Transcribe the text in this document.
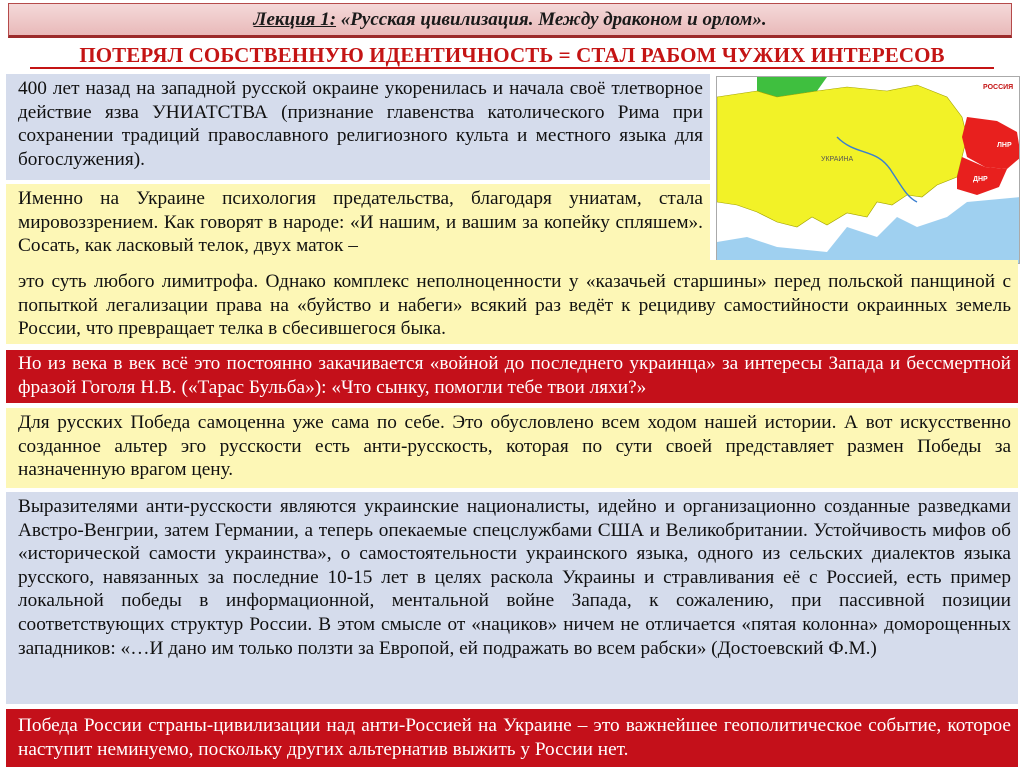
Лекция 1: «Русская цивилизация. Между драконом и орлом».
ПОТЕРЯЛ СОБСТВЕННУЮ ИДЕНТИЧНОСТЬ = СТАЛ РАБОМ ЧУЖИХ ИНТЕРЕСОВ
400 лет назад на западной русской окраине укоренилась и начала своё тлетворное действие язва УНИАТСТВА (признание главенства католического Рима при сохранении традиций православного религиозного культа и местного языка для богослужения).
РОССИЯ
УКРАИНА
ЛНР
ДНР
Именно на Украине психология предательства, благодаря униатам, стала мировоззрением. Как говорят в народе: «И нашим, и вашим за копейку спляшем». Сосать, как ласковый телок, двух маток –
это суть любого лимитрофа. Однако комплекс неполноценности у «казачьей старшины» перед польской панщиной с попыткой легализации права на «буйство и набеги» всякий раз ведёт к рецидиву самостийности окраинных земель России, что превращает телка в сбесившегося быка.
Но из века в век всё это постоянно закачивается «войной до последнего украинца» за интересы Запада и бессмертной фразой Гоголя Н.В. («Тарас Бульба»): «Что сынку, помогли тебе твои ляхи?»
Для русских Победа самоценна уже сама по себе. Это обусловлено всем ходом нашей истории. А вот искусственно созданное альтер эго русскости есть анти-русскость, которая по сути своей представляет размен Победы за назначенную врагом цену.
Выразителями анти-русскости являются украинские националисты, идейно и организационно созданные разведками Австро-Венгрии, затем Германии, а теперь опекаемые спецслужбами США и Великобритании. Устойчивость мифов об «исторической самости украинства», о самостоятельности украинского языка, одного из сельских диалектов языка русского, навязанных за последние 10-15 лет в целях раскола Украины и стравливания её с Россией, есть пример локальной победы в информационной, ментальной войне Запада, к сожалению, при пассивной позиции соответствующих структур России. В этом смысле от «нациков» ничем не отличается «пятая колонна» доморощенных западников: «…И дано им только ползти за Европой, ей подражать во всем рабски» (Достоевский Ф.М.)
Победа России страны-цивилизации над анти-Россией на Украине – это важнейшее геополитическое событие, которое наступит неминуемо, поскольку других альтернатив выжить у России нет.
